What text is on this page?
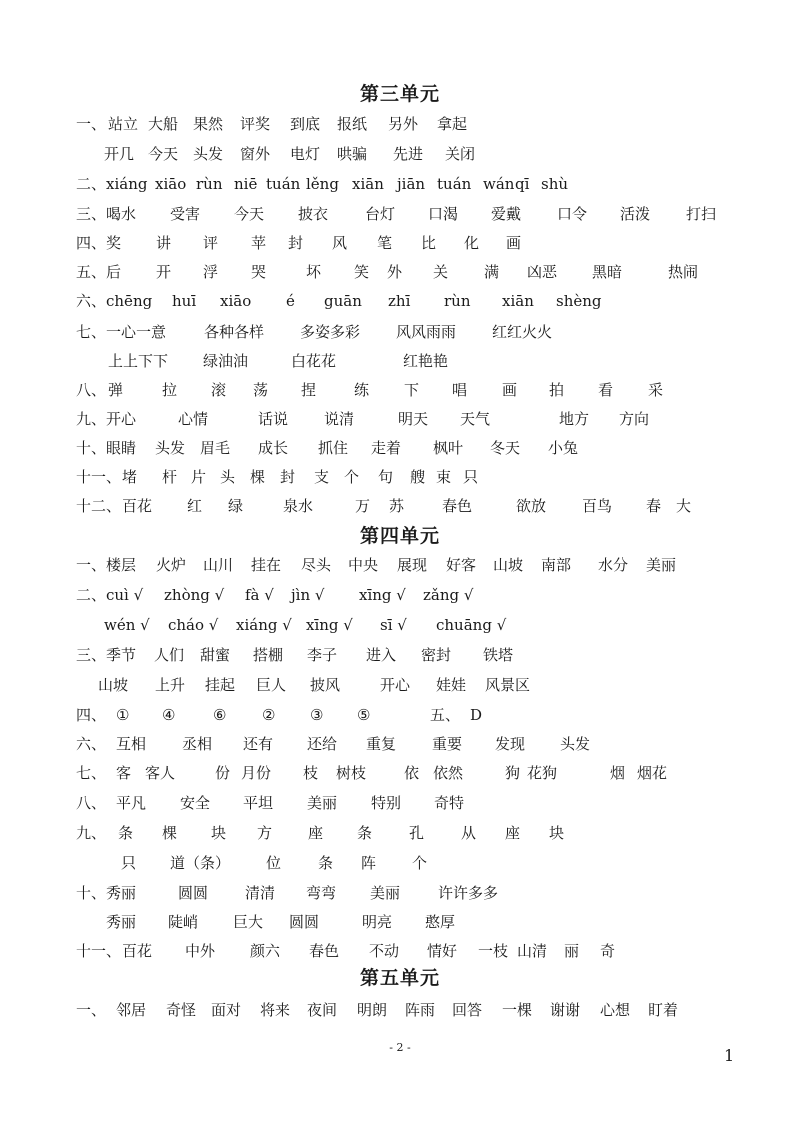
第三单元
一、 站立 大船 果然 评奖 到底 报纸 另外 拿起
开几 今天 头发 窗外 电灯 哄骗 先进 关闭
二、 xiáng xiāo rùn niē tuán lěng xiān jiān tuán wán qī shù
三、 喝水 受害 今天 披衣 台灯 口渴 爱戴 口令 活泼 打扫
四、 奖 讲 评 苹 封 风 笔 比 化 画
五、 后 开 浮 哭	坏 笑 外 关 满 凶恶 黑暗	热闹
六、 chēng huī xiāo é guān zhī rùn xiān shèng
七、 一心一意	各种各样 多姿多彩 风风雨雨 红红火火
上上下下 绿油油	白花花	红艳艳
八、 弹	拉 滚 荡 捏	练 下 唱 画 拍 看 采
九、 开心	心情	话说 说清	明天 天气	地方 方向
十、 眼睛 头发 眉毛 成长 抓住 走着 枫叶 冬天 小兔
十一、 堵 杆 片 头 棵 封 支 个 句 艘 束 只
十二、 百花 红 绿	泉水	万 苏	春色	欲放 百鸟 春 大
第四单元
一、 楼层 火炉 山川 挂在 尽头 中央 展现 好客 山坡 南部 水分 美丽
二、 cuì √ zhòng √ fà √ jìn √ xīng √ zǎng √
wén √ cháo √ xiáng √ xīng √ sī √ chuāng √
三、 季节 人们 甜蜜 搭棚 李子 进入 密封 铁塔
山坡 上升 挂起 巨人 披风	开心 娃娃 风景区
四、 ① ④	⑥ ② ③ ⑤	五、 D
六、 互相 丞相 还有 还给 重复 重要 发现 头发
七、 客 客人	份 月份 枝 树枝	依 依然	狗 花狗	烟 烟花
八、 平凡 安全 平坦 美丽 特别 奇特
九、 条 棵 块 方 座 条 孔 从 座 块
只 道（条） 位 条 阵 个
十、 秀丽	圆圆 清清 弯弯 美丽	许许多多
秀丽 陡峭 巨大 圆圆	明亮 憨厚
十一、 百花 中外 颜六 春色 不动 情好 一枝 山清 丽 奇
第五单元
一、 邻居 奇怪 面对 将来 夜间 明朗 阵雨 回答 一棵 谢谢 心想 盯着
- 2 -	1
